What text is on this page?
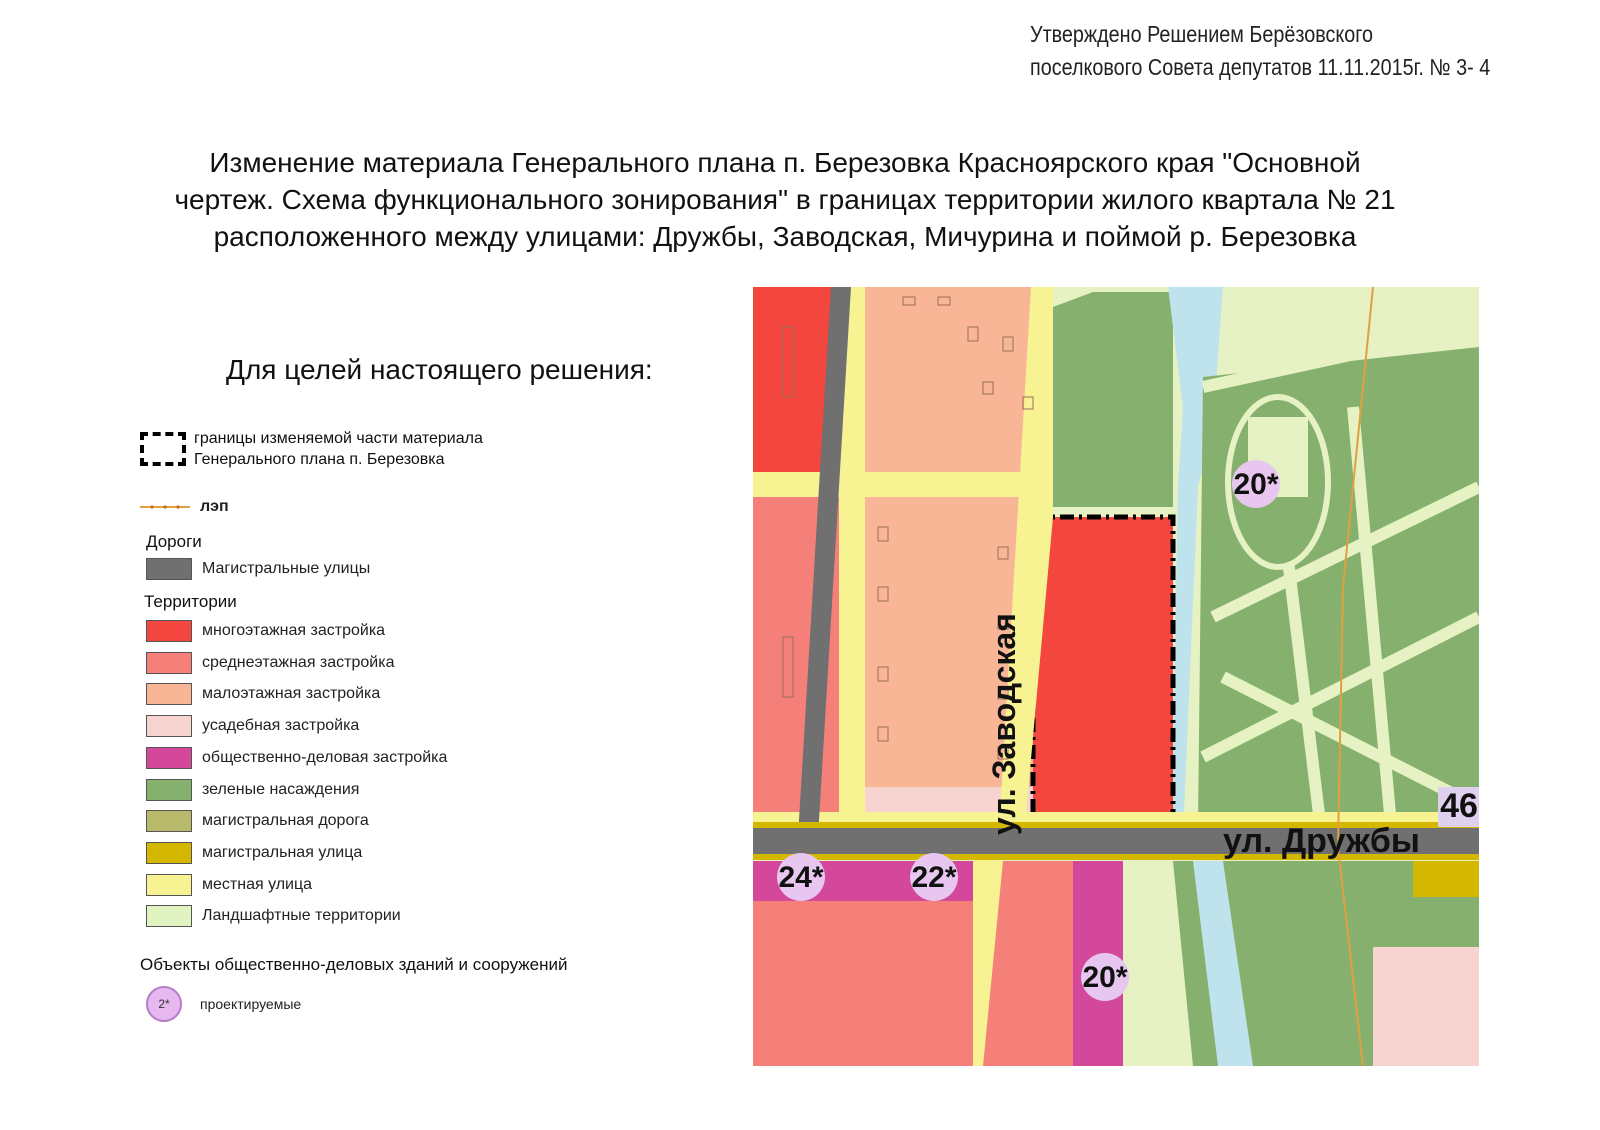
Утверждено Решением Берёзовского
поселкового Совета депутатов 11.11.2015г. № 3- 4
Изменение материала Генерального плана п. Березовка Красноярского края "Основной
чертеж. Схема функционального зонирования" в границах территории жилого квартала № 21
расположенного между улицами: Дружбы, Заводская, Мичурина и поймой р. Березовка
Для целей настоящего решения:
границы изменяемой части материала
Генерального плана п. Березовка
лэп
Дороги
Магистральные улицы
Территории
многоэтажная застройка
среднеэтажная застройка
малоэтажная застройка
усадебная застройка
общественно-деловая застройка
зеленые насаждения
магистральная дорога
магистральная улица
местная улица
Ландшафтные территории
Объекты общественно-деловых зданий и сооружений
2*	проектируемые
20*
24*	22*
20*
46
ул. Заводская
ул. Дружбы
